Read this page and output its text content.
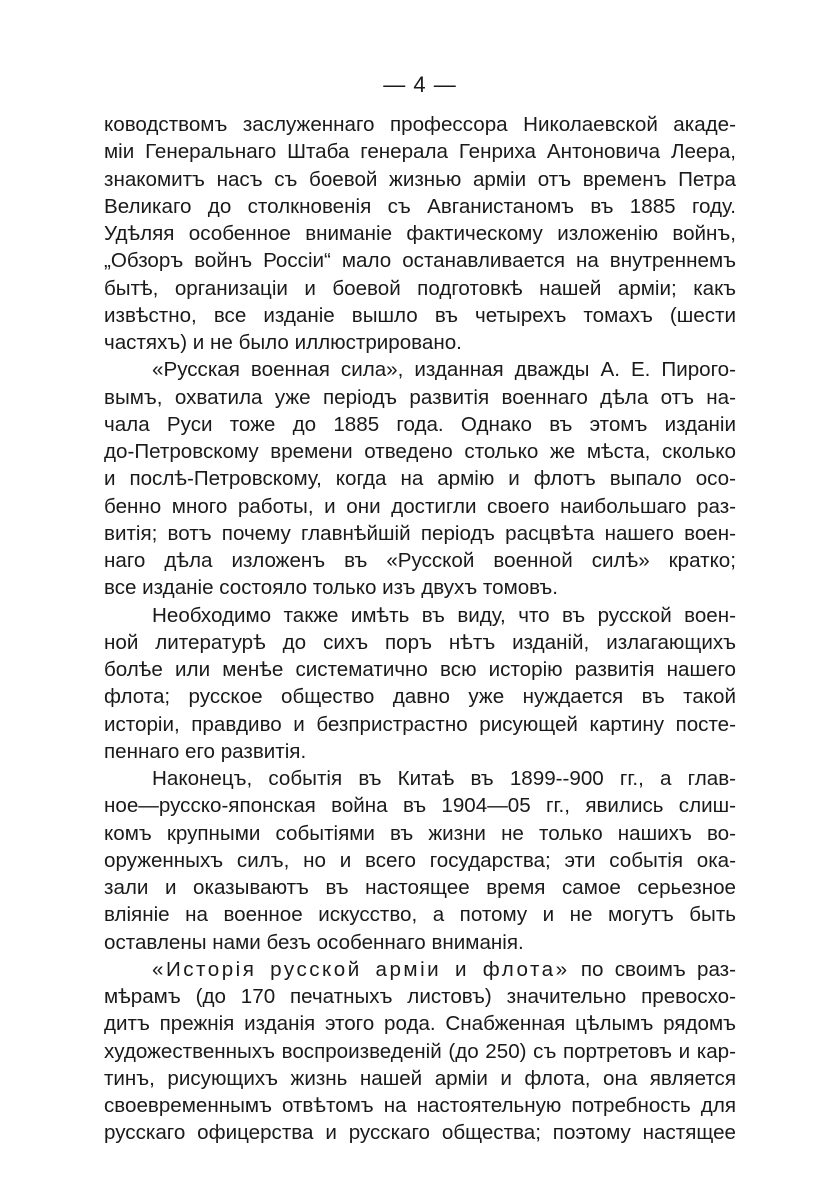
— 4 —
ководствомъ заслуженнаго профессора Николаевской акаде-
міи Генеральнаго Штаба генерала Генриха Антоновича Леера,
знакомитъ насъ съ боевой жизнью арміи отъ временъ Петра
Великаго до столкновенія съ Авганистаномъ въ 1885 году.
Удѣляя особенное вниманіе фактическому изложенію войнъ,
„Обзоръ войнъ Россіи“ мало останавливается на внутреннемъ
бытѣ, организаціи и боевой подготовкѣ нашей арміи; какъ
извѣстно, все изданіе вышло въ четырехъ томахъ (шести
частяхъ) и не было иллюстрировано.
«Русская военная сила», изданная дважды А. Е. Пирого-
вымъ, охватила уже періодъ развитія военнаго дѣла отъ на-
чала Руси тоже до 1885 года. Однако въ этомъ изданіи
до-Петровскому времени отведено столько же мѣста, сколько
и послѣ-Петровскому, когда на армію и флотъ выпало осо-
бенно много работы, и они достигли своего наибольшаго раз-
витія; вотъ почему главнѣйшій періодъ расцвѣта нашего воен-
наго дѣла изложенъ въ «Русской военной силѣ» кратко;
все изданіе состояло только изъ двухъ томовъ.
Необходимо также имѣть въ виду, что въ русской воен-
ной литературѣ до сихъ поръ нѣтъ изданій, излагающихъ
болѣе или менѣе систематично всю исторію развитія нашего
флота; русское общество давно уже нуждается въ такой
исторіи, правдиво и безпристрастно рисующей картину посте-
пеннаго его развитія.
Наконецъ, событія въ Китаѣ въ 1899--900 гг., а глав-
ное—русско-японская война въ 1904—05 гг., явились слиш-
комъ крупными событіями въ жизни не только нашихъ во-
оруженныхъ силъ, но и всего государства; эти событія ока-
зали и оказываютъ въ настоящее время самое серьезное
вліяніе на военное искусство, а потому и не могутъ быть
оставлены нами безъ особеннаго вниманія.
«Исторія русской арміи и флота» по своимъ раз-
мѣрамъ (до 170 печатныхъ листовъ) значительно превосхо-
дитъ прежнія изданія этого рода. Снабженная цѣлымъ рядомъ
художественныхъ воспроизведеній (до 250) съ портретовъ и кар-
тинъ, рисующихъ жизнь нашей арміи и флота, она является
своевременнымъ отвѣтомъ на настоятельную потребность для
русскаго офицерства и русскаго общества; поэтому настящее
